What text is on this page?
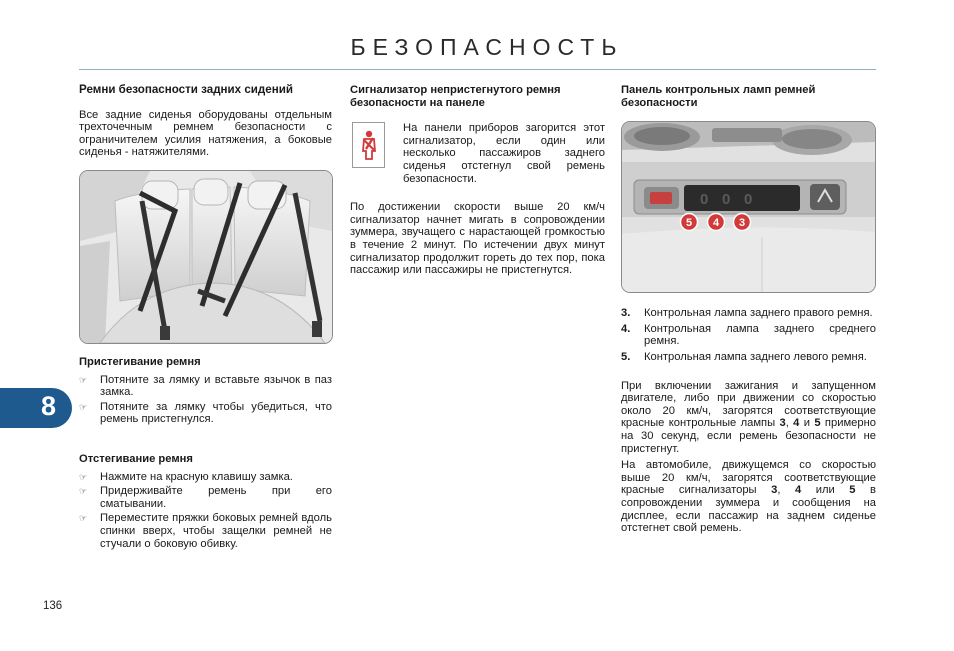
БЕЗОПАСНОСТЬ
Ремни безопасности задних сидений

Все задние сиденья оборудованы отдельным трехточечным ремнем безопасности с ограничителем усилия натяжения, а боковые сиденья - натяжителями.

Пристегивание ремня
☞	Потяните за лямку и вставьте язычок в паз замка.
☞	Потяните за лямку чтобы убедиться, что ремень пристегнулся.
Отстегивание ремня
☞	Нажмите на красную клавишу замка.
☞	Придерживайте ремень при его сматывании.
☞	Переместите пряжки боковых ремней вдоль спинки вверх, чтобы защелки ремней не стучали о боковую обивку.
Сигнализатор непристегнутого ремня безопасности на панеле

На панели приборов загорится этот сигнализатор, если один или несколько пассажиров заднего сиденья отстегнул свой ремень безопасности.

По достижении скорости выше 20 км/ч сигнализатор начнет мигать в сопровождении зуммера, звучащего с нарастающей громкостью в течение 2 минут. По истечении двух минут сигнализатор продолжит гореть до тех пор, пока пассажир или пассажиры не пристегнутся.

Панель контрольных ламп ремней безопасности
0 0 0
5 4 3
3.	Контрольная лампа заднего правого ремня.
4.	Контрольная лампа заднего среднего ремня.
5.	Контрольная лампа заднего левого ремня.

При включении зажигания и запущенном двигателе, либо при движении со скоростью около 20 км/ч, загорятся соответствующие красные контрольные лампы 3, 4 и 5 примерно на 30 секунд, если ремень безопасности не пристегнут.

На автомобиле, движущемся со скоростью выше 20 км/ч, загорятся соответствующие красные сигнализаторы 3, 4 или 5 в сопровождении зуммера и сообщения на дисплее, если пассажир на заднем сиденье отстегнет свой ремень.

8
136
